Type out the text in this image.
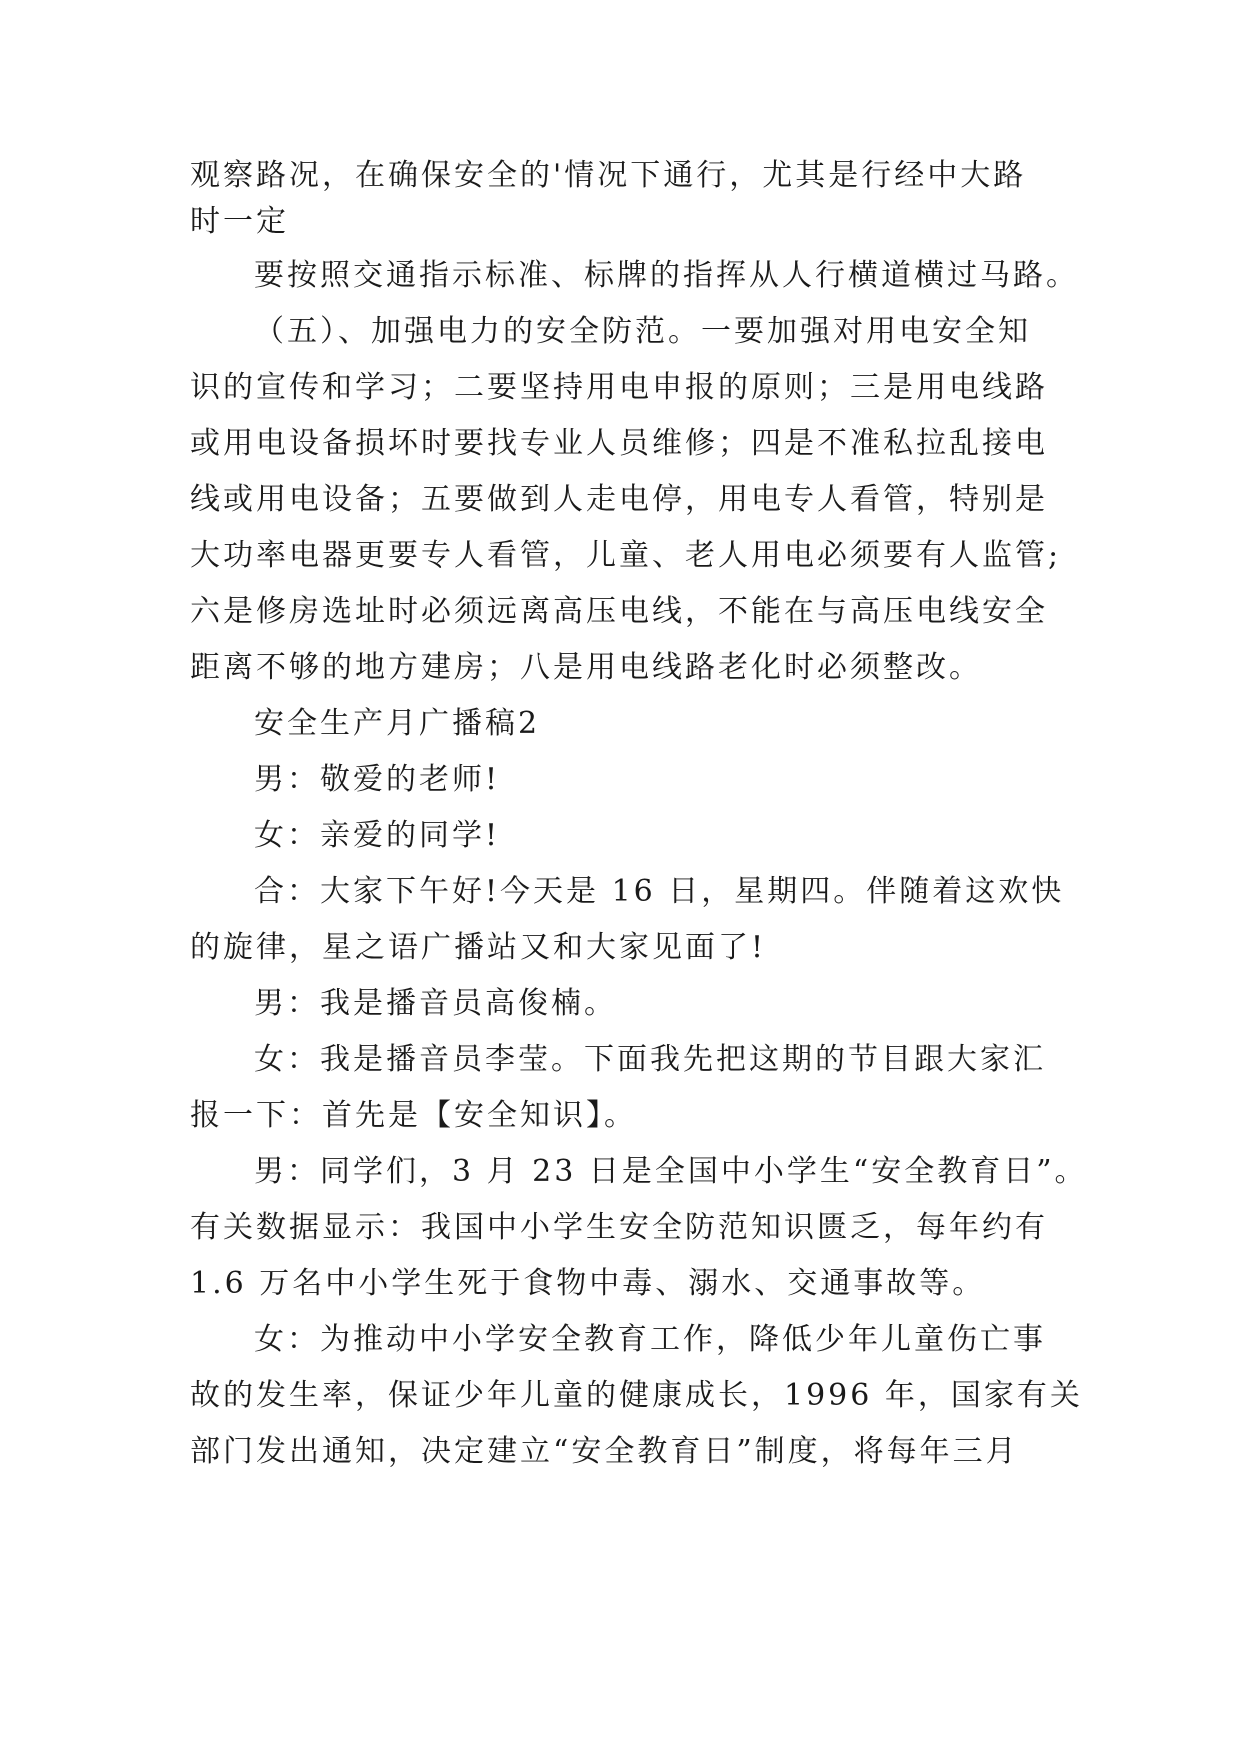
观察路况，在确保安全的'情况下通行，尤其是行经中大路
时一定
要按照交通指示标准、标牌的指挥从人行横道横过马路。
（五）、加强电力的安全防范。一要加强对用电安全知
识的宣传和学习；二要坚持用电申报的原则；三是用电线路
或用电设备损坏时要找专业人员维修；四是不准私拉乱接电
线或用电设备；五要做到人走电停，用电专人看管，特别是
大功率电器更要专人看管，儿童、老人用电必须要有人监管;
六是修房选址时必须远离高压电线，不能在与高压电线安全
距离不够的地方建房；八是用电线路老化时必须整改。
安全生产月广播稿2
男：敬爱的老师!
女：亲爱的同学!
合：大家下午好!今天是 16 日，星期四。伴随着这欢快
的旋律，星之语广播站又和大家见面了!
男：我是播音员高俊楠。
女：我是播音员李莹。下面我先把这期的节目跟大家汇
报一下：首先是【安全知识】。
男：同学们，3 月 23 日是全国中小学生“安全教育日”。
有关数据显示：我国中小学生安全防范知识匮乏，每年约有
1.6 万名中小学生死于食物中毒、溺水、交通事故等。
女：为推动中小学安全教育工作，降低少年儿童伤亡事
故的发生率，保证少年儿童的健康成长，1996 年，国家有关
部门发出通知，决定建立“安全教育日”制度，将每年三月
